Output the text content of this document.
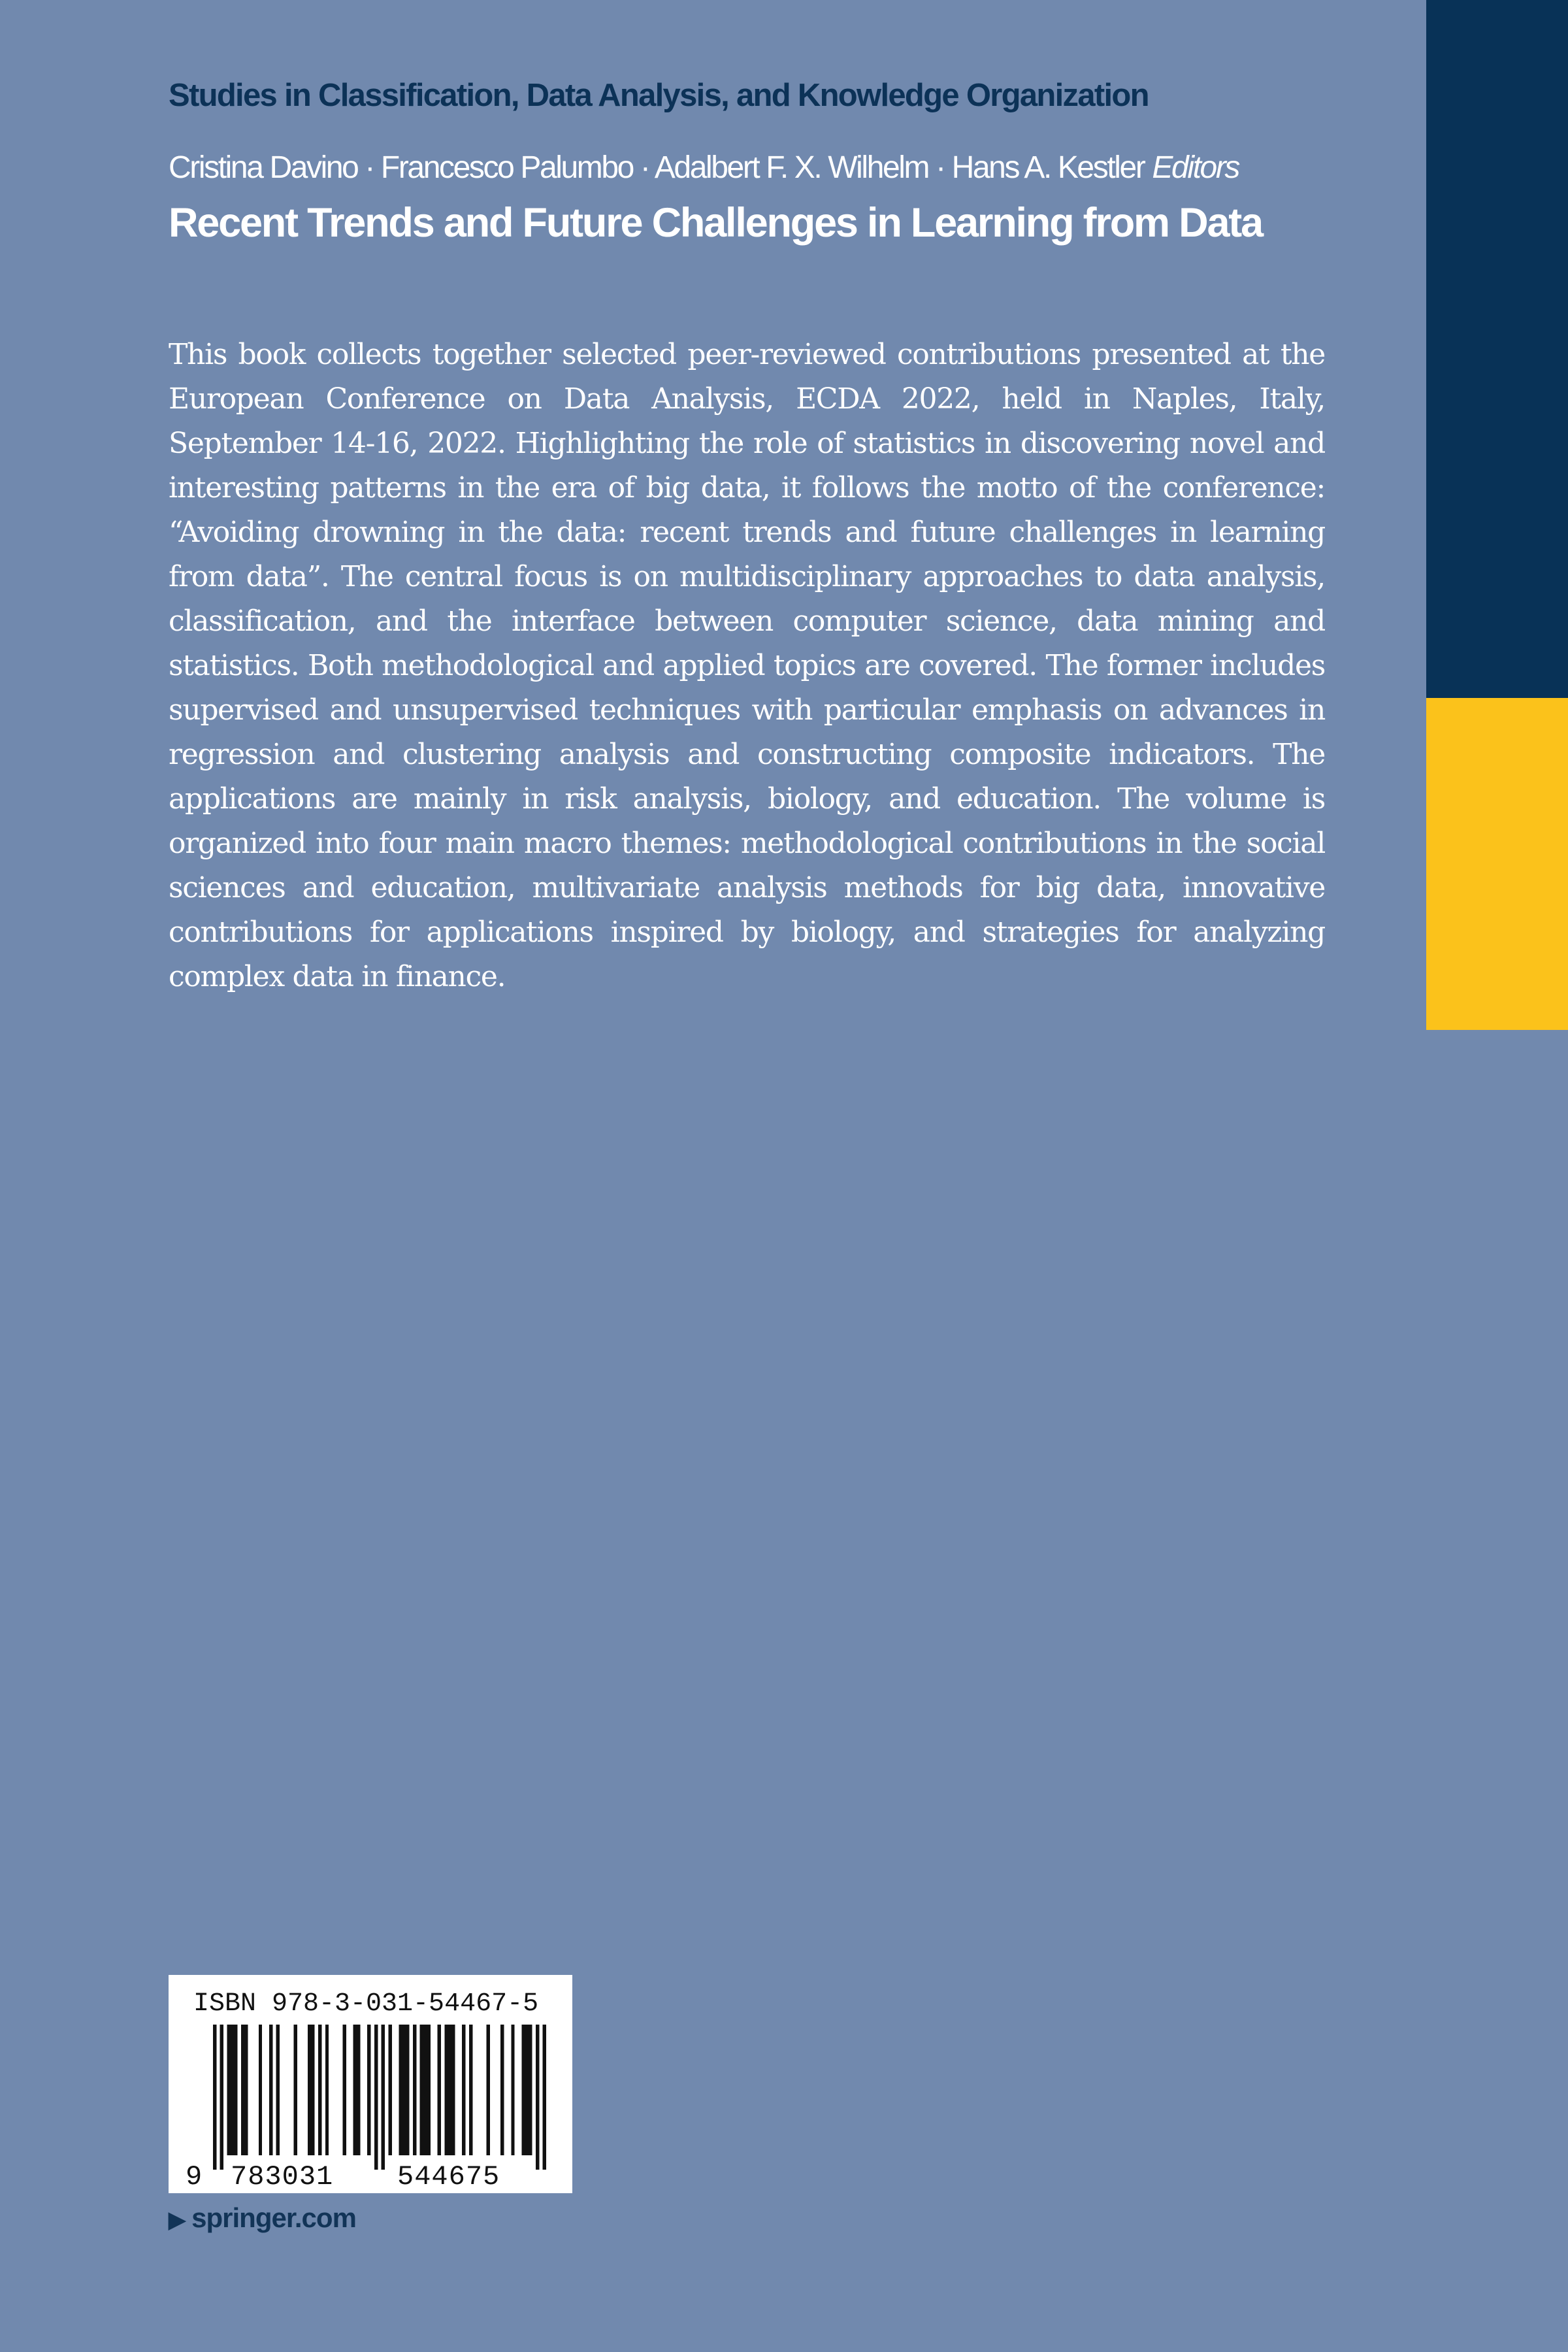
Studies in Classification, Data Analysis, and Knowledge Organization
Cristina Davino · Francesco Palumbo · Adalbert F. X. Wilhelm · Hans A. Kestler Editors
Recent Trends and Future Challenges in Learning from Data

This book collects together selected peer-reviewed contributions presented at the European Conference on Data Analysis, ECDA 2022, held in Naples, Italy, September 14-16, 2022. Highlighting the role of statistics in discovering novel and interesting patterns in the era of big data, it follows the motto of the conference: “Avoiding drowning in the data: recent trends and future challenges in learning from data”. The central focus is on multidisciplinary approaches to data analysis, classification, and the interface between computer science, data mining and statistics. Both methodological and applied topics are covered. The former includes supervised and unsupervised techniques with particular emphasis on advances in regression and clustering analysis and constructing composite indicators. The applications are mainly in risk analysis, biology, and education. The volume is organized into four main macro themes: methodological contributions in the social sciences and education, multivariate analysis methods for big data, innovative contributions for applications inspired by biology, and strategies for analyzing complex data in finance.

ISBN 978-3-031-54467-5
9 783031 544675
▶ springer.com
